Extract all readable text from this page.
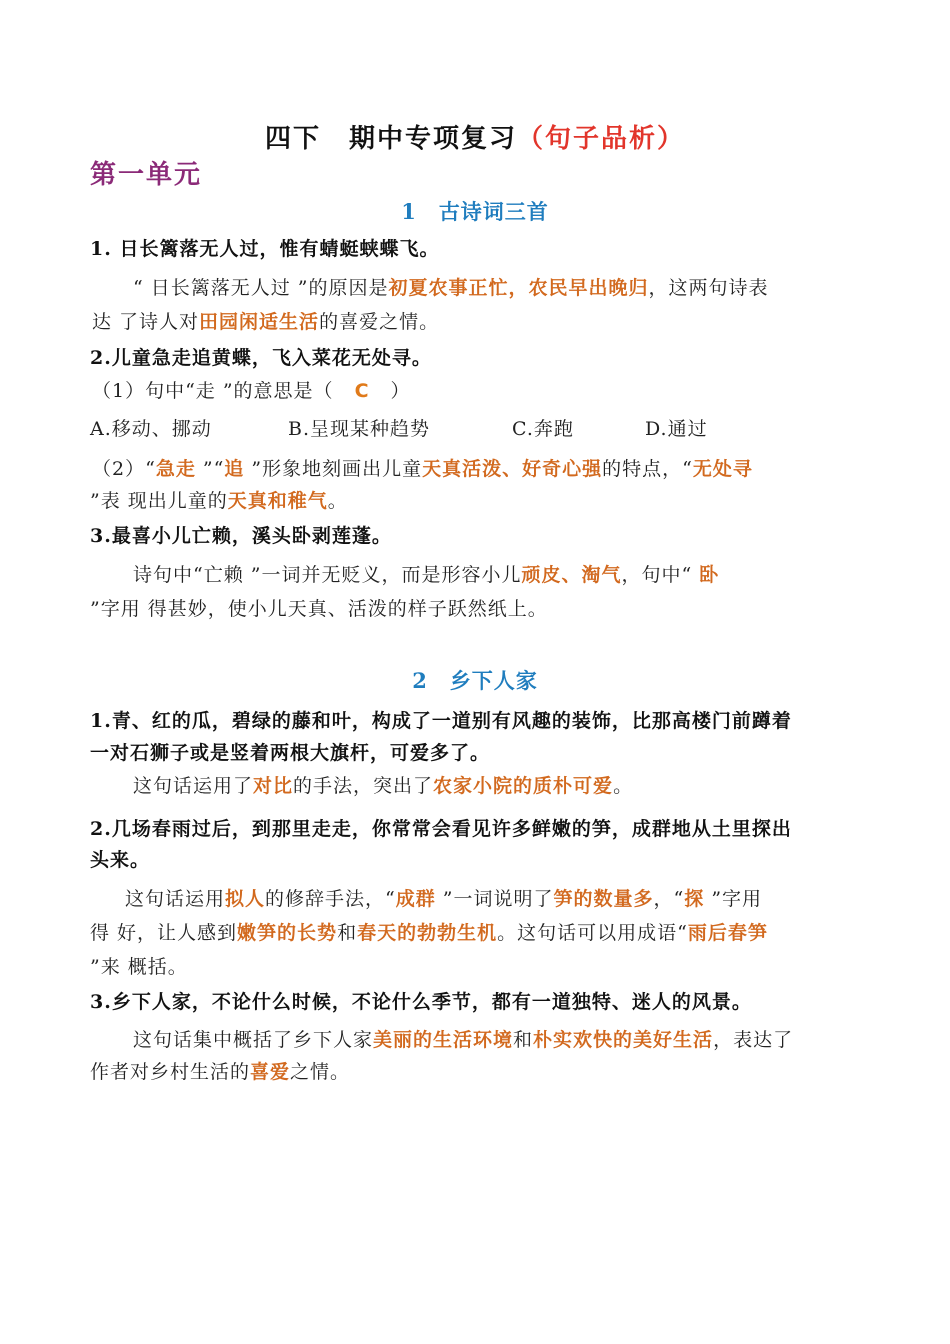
四下　期中专项复习（句子品析）
第一单元
1　古诗词三首
1. 日长篱落无人过，惟有蜻蜓蛱蝶飞。
“ 日长篱落无人过 ”的原因是初夏农事正忙，农民早出晚归，这两句诗表
达 了诗人对田园闲适生活的喜爱之情。
2.儿童急走追黄蝶，飞入菜花无处寻。
（1）句中“走 ”的意思是（   C   ）
A.移动、挪动	B.呈现某种趋势	C.奔跑	D.通过
（2）“急走 ”“追 ”形象地刻画出儿童天真活泼、好奇心强的特点，“无处寻
”表 现出儿童的天真和稚气。
3.最喜小儿亡赖，溪头卧剥莲蓬。
诗句中“亡赖 ”一词并无贬义，而是形容小儿顽皮、淘气，句中“ 卧
”字用 得甚妙，使小儿天真、活泼的样子跃然纸上。
2　乡下人家
1.青、红的瓜，碧绿的藤和叶，构成了一道别有风趣的装饰，比那高楼门前蹲着
一对石狮子或是竖着两根大旗杆，可爱多了。
这句话运用了对比的手法，突出了农家小院的质朴可爱。
2.几场春雨过后，到那里走走，你常常会看见许多鲜嫩的笋，成群地从土里探出
头来。
这句话运用拟人的修辞手法，“成群 ”一词说明了笋的数量多，“探 ”字用
得 好，让人感到嫩笋的长势和春天的勃勃生机。这句话可以用成语“雨后春笋
”来 概括。
3.乡下人家，不论什么时候，不论什么季节，都有一道独特、迷人的风景。
这句话集中概括了乡下人家美丽的生活环境和朴实欢快的美好生活，表达了
作者对乡村生活的喜爱之情。
